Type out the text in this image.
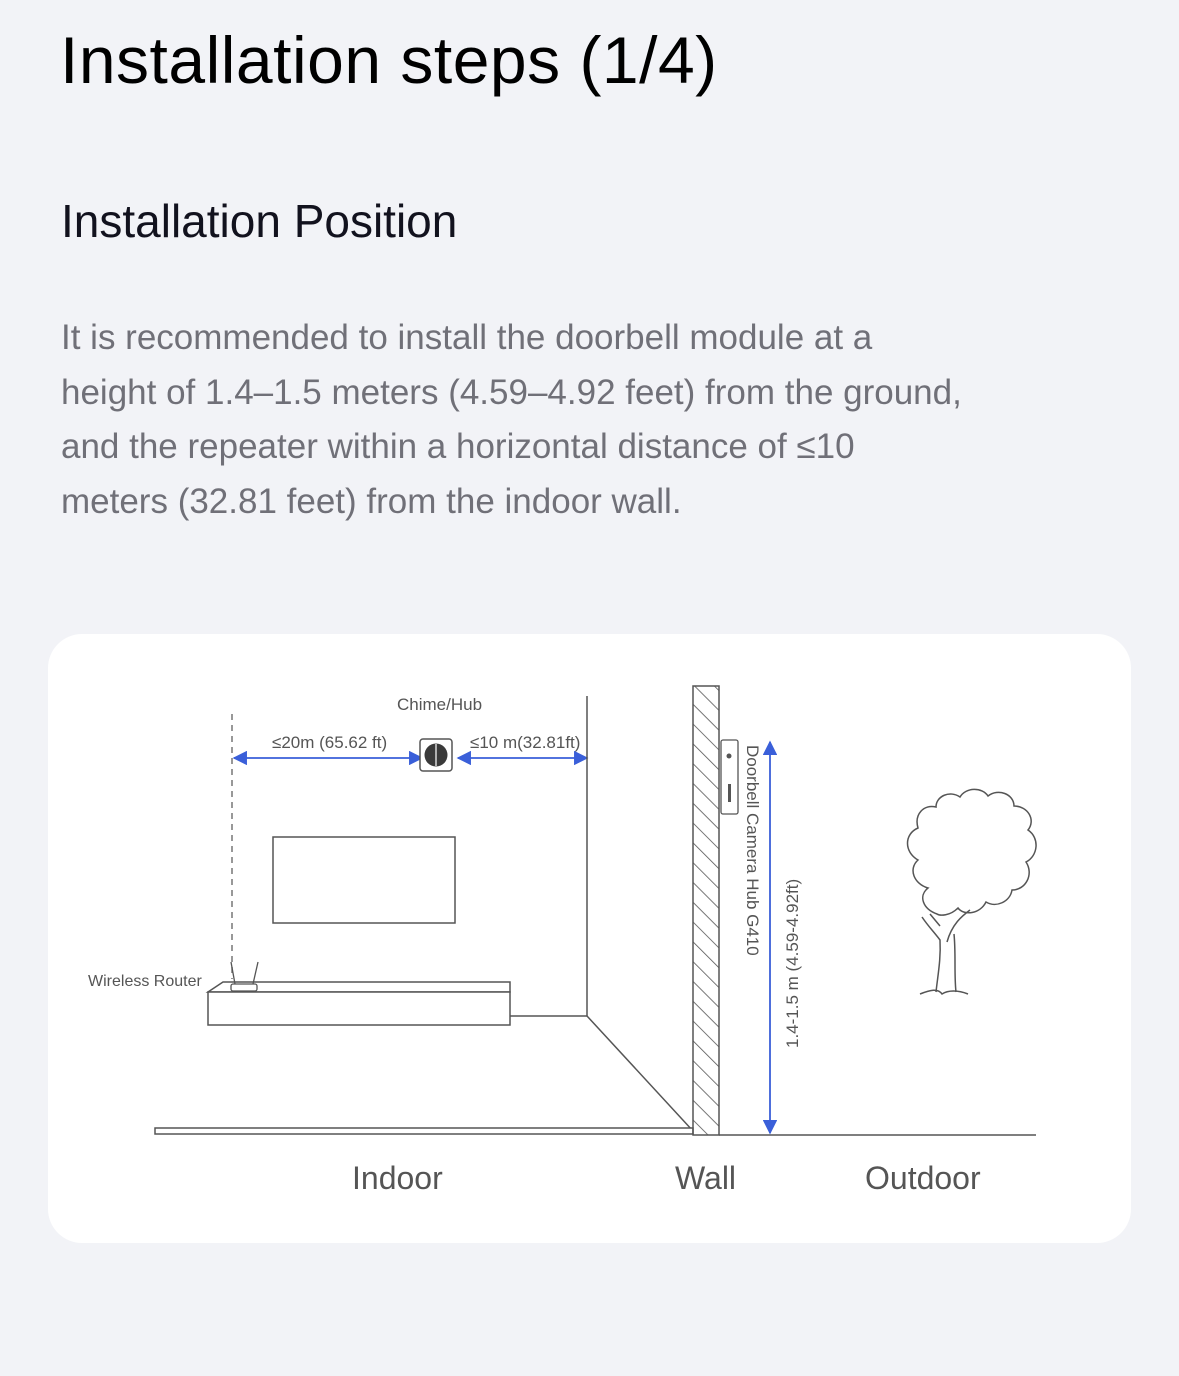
Installation steps (1/4)
Installation Position
It is recommended to install the doorbell module at a
height of 1.4–1.5 meters (4.59–4.92 feet) from the ground,
and the repeater within a horizontal distance of ≤10
meters (32.81 feet) from the indoor wall.
≤20m (65.62 ft)	≤10 m(32.81ft)
Chime/Hub
Wireless Router
Doorbell Camera Hub G410
1.4-1.5 m (4.59-4.92ft)
Indoor	Wall	Outdoor
